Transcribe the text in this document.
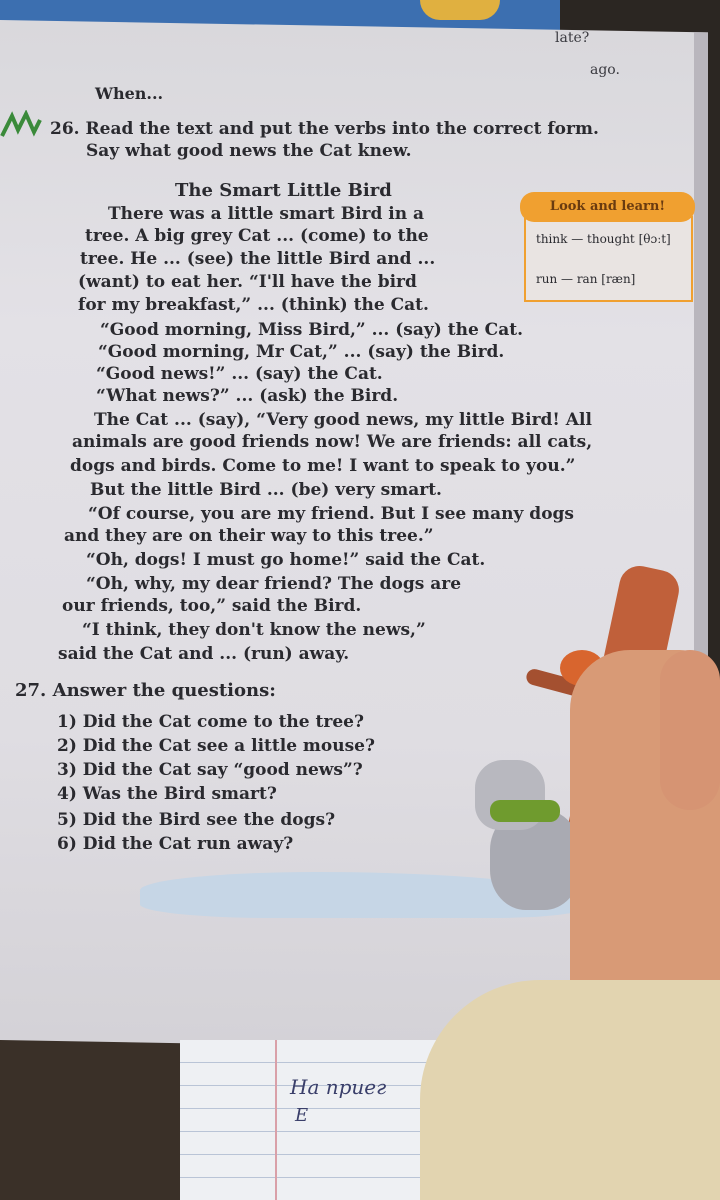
late?
ago.
When...
26. Read the text and put the verbs into the correct form.
Say what good news the Cat knew.
The Smart Little Bird
think — thought [θɔːt]
run — ran [ræn]
Look and learn!
There was a little smart Bird in a
tree. A big grey Cat ... (come) to the
tree. He ... (see) the little Bird and ...
(want) to eat her. “I'll have the bird
for my breakfast,” ... (think) the Cat.
“Good morning, Miss Bird,” ... (say) the Cat.
“Good morning, Mr Cat,” ... (say) the Bird.
“Good news!” ... (say) the Cat.
“What news?” ... (ask) the Bird.
The Cat ... (say), “Very good news, my little Bird! All
animals are good friends now! We are friends: all cats,
dogs and birds. Come to me! I want to speak to you.”
But the little Bird ... (be) very smart.
“Of course, you are my friend. But I see many dogs
and they are on their way to this tree.”
“Oh, dogs! I must go home!” said the Cat.
“Oh, why, my dear friend? The dogs are
our friends, too,” said the Bird.
“I think, they don't know the news,”
said the Cat and ... (run) away.
27. Answer the questions:
1) Did the Cat come to the tree?
2) Did the Cat see a little mouse?
3) Did the Cat say “good news”?
4) Was the Bird smart?
5) Did the Bird see the dogs?
6) Did the Cat run away?
На приег
Е
